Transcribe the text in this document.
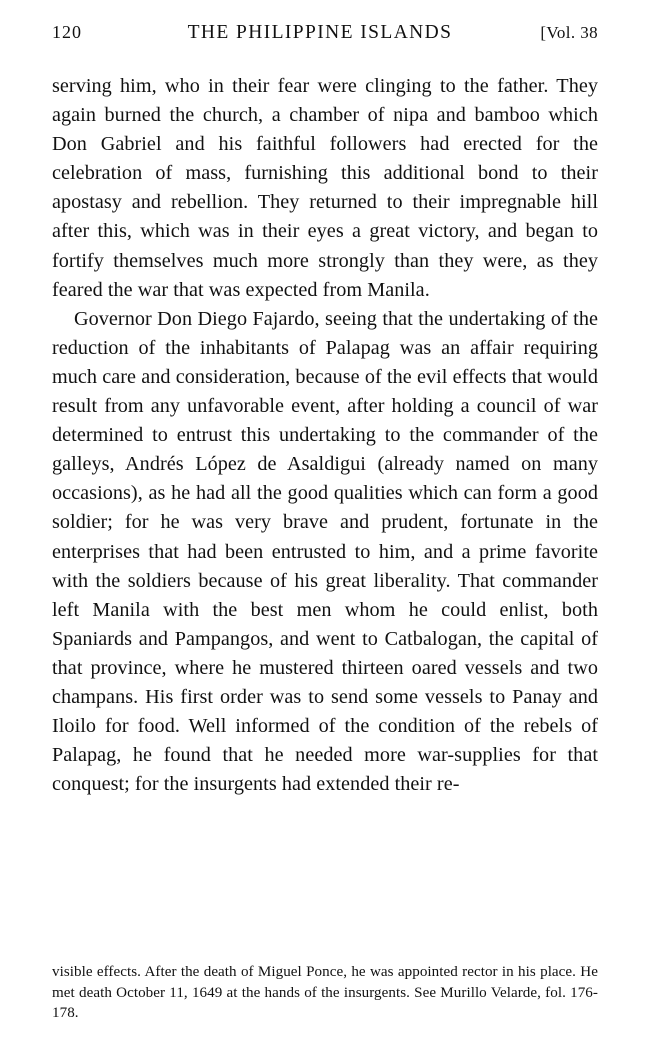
120	THE PHILIPPINE ISLANDS	[Vol. 38

serving him, who in their fear were clinging to the father. They again burned the church, a chamber of nipa and bamboo which Don Gabriel and his faithful followers had erected for the celebration of mass, furnishing this additional bond to their apostasy and rebellion. They returned to their impregnable hill after this, which was in their eyes a great victory, and began to fortify themselves much more strongly than they were, as they feared the war that was expected from Manila.

Governor Don Diego Fajardo, seeing that the undertaking of the reduction of the inhabitants of Palapag was an affair requiring much care and consideration, because of the evil effects that would result from any unfavorable event, after holding a council of war determined to entrust this undertaking to the commander of the galleys, Andrés López de Asaldigui (already named on many occasions), as he had all the good qualities which can form a good soldier; for he was very brave and prudent, fortunate in the enterprises that had been entrusted to him, and a prime favorite with the soldiers because of his great liberality. That commander left Manila with the best men whom he could enlist, both Spaniards and Pampangos, and went to Catbalogan, the capital of that province, where he mustered thirteen oared vessels and two champans. His first order was to send some vessels to Panay and Iloilo for food. Well informed of the condition of the rebels of Palapag, he found that he needed more war-supplies for that conquest; for the insurgents had extended their re-

visible effects. After the death of Miguel Ponce, he was appointed rector in his place. He met death October 11, 1649 at the hands of the insurgents. See Murillo Velarde, fol. 176-178.
